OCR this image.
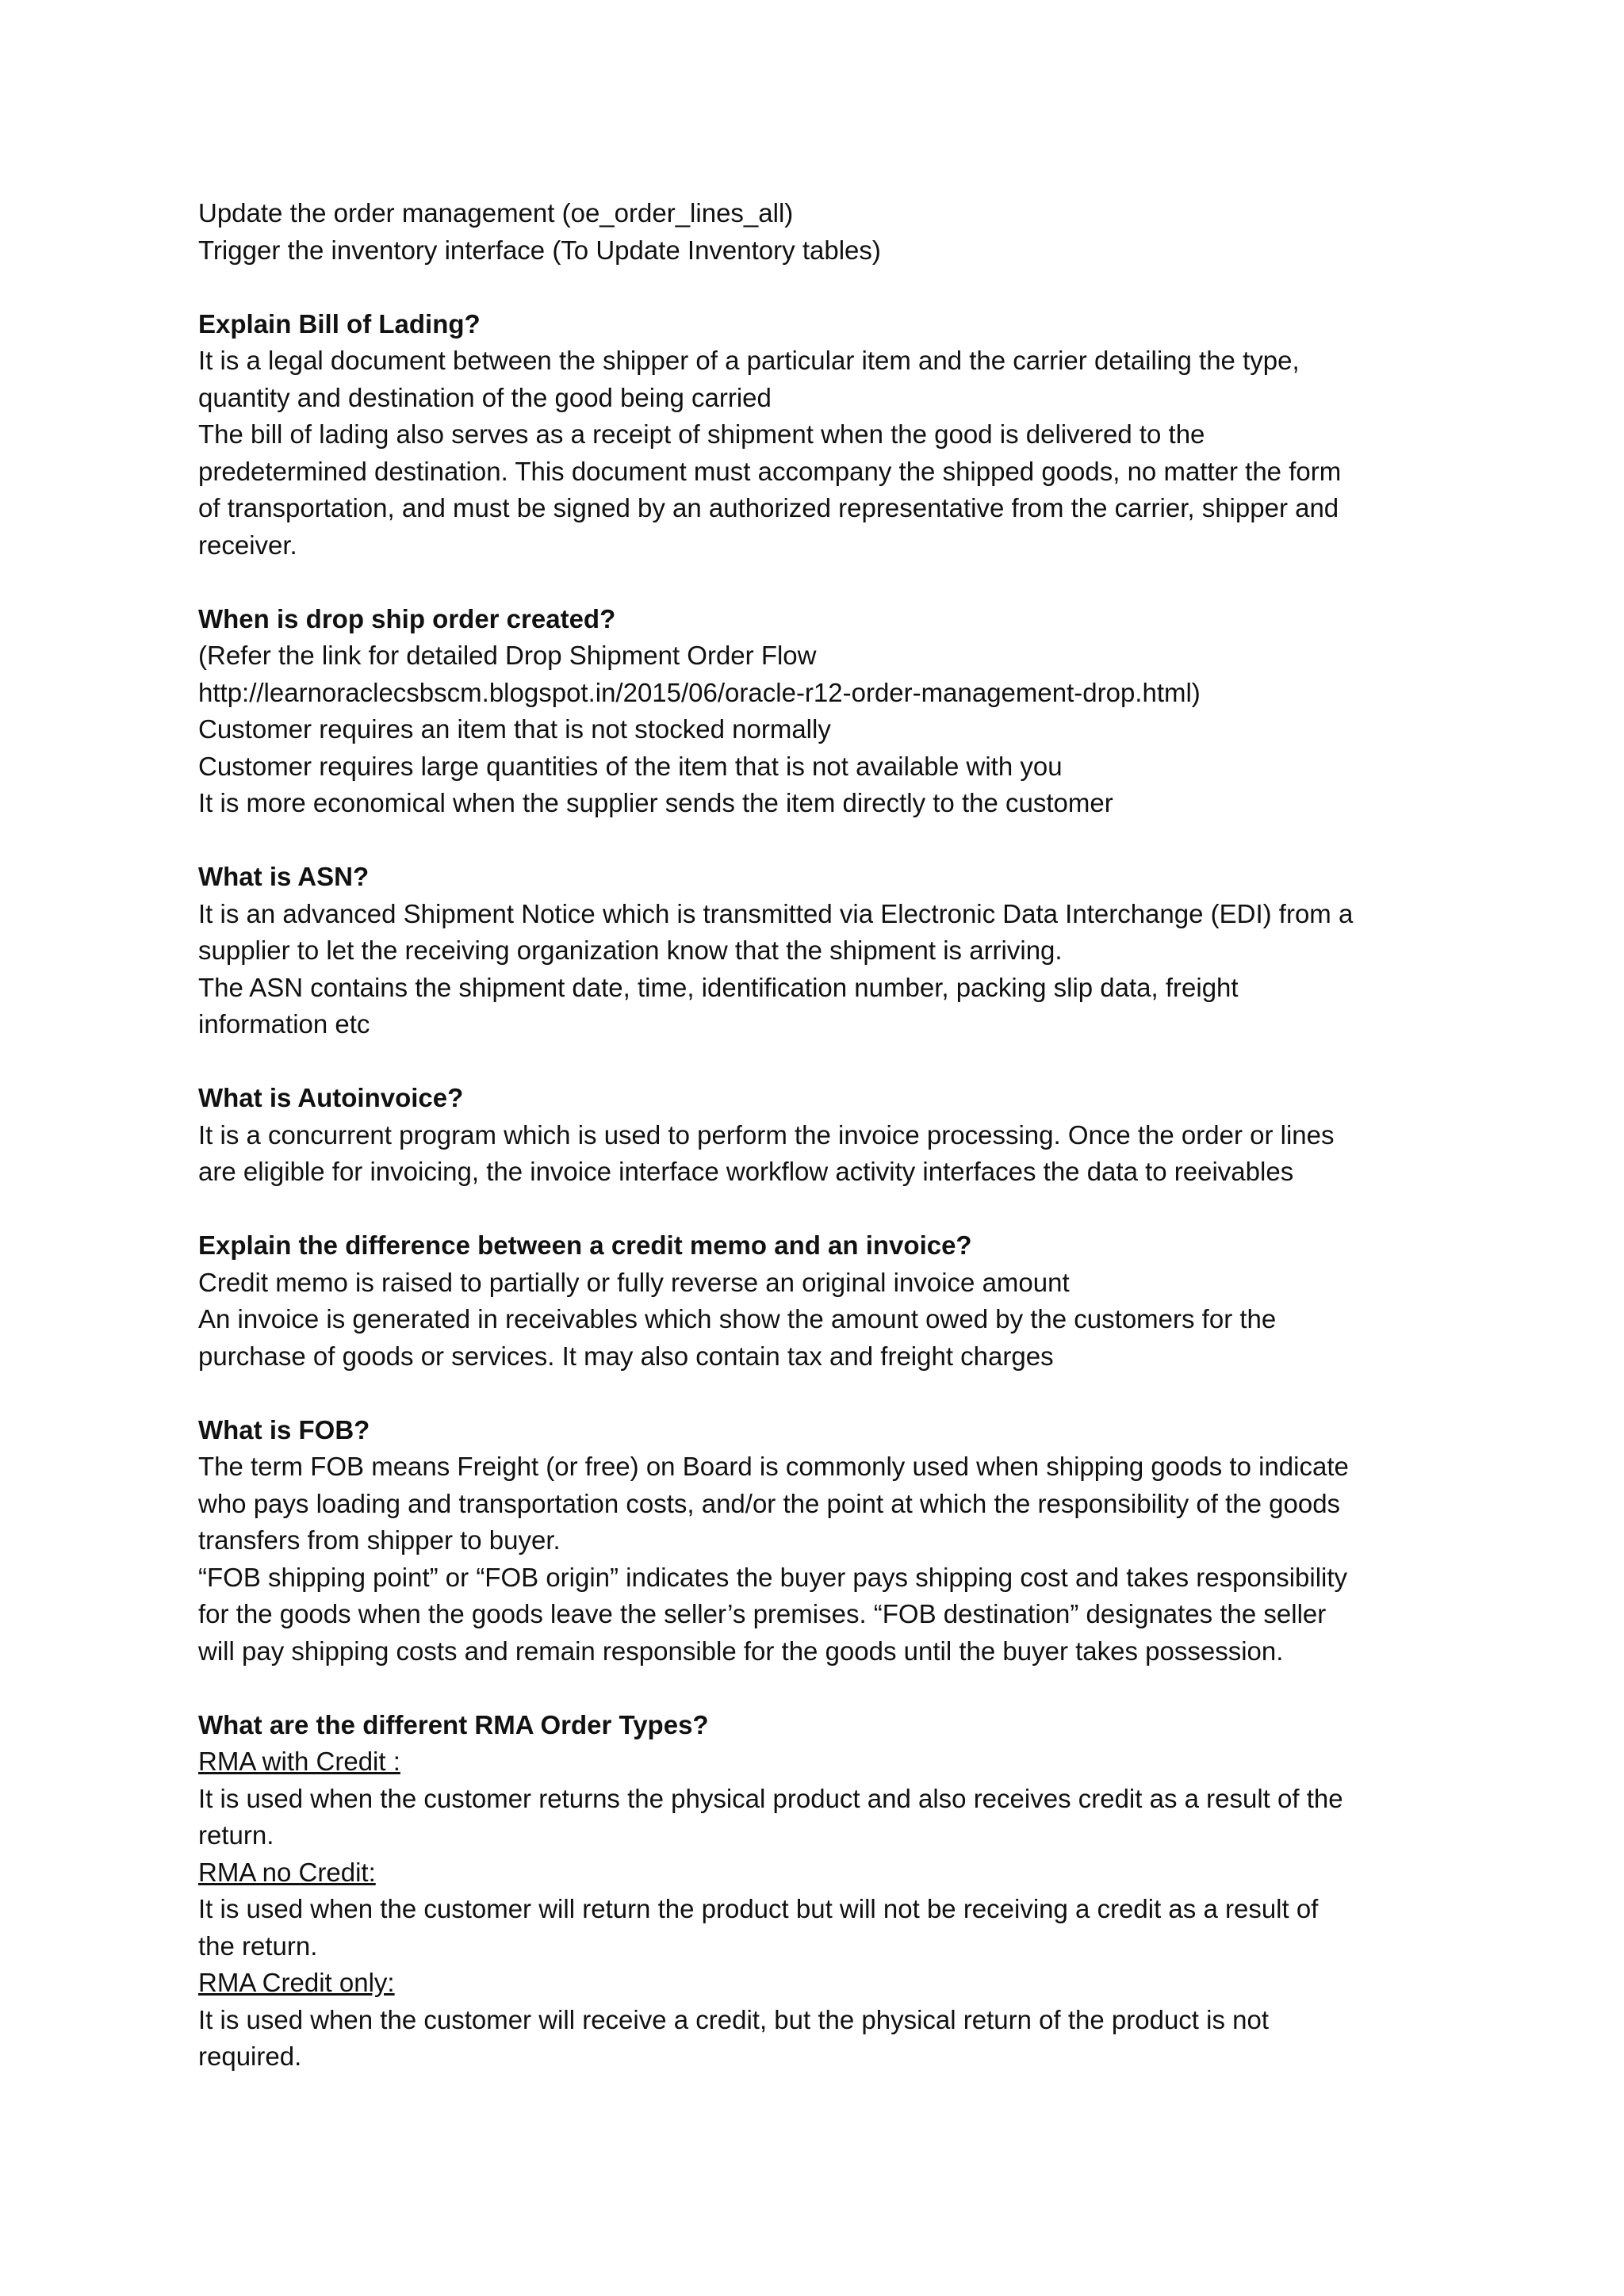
Update the order management (oe_order_lines_all)
Trigger the inventory interface (To Update Inventory tables)
Explain Bill of Lading?
It is a legal document between the shipper of a particular item and the carrier detailing the type,
quantity and destination of the good being carried
The bill of lading also serves as a receipt of shipment when the good is delivered to the
predetermined destination. This document must accompany the shipped goods, no matter the form
of transportation, and must be signed by an authorized representative from the carrier, shipper and
receiver.
When is drop ship order created?
(Refer the link for detailed Drop Shipment Order Flow
http://learnoraclecsbscm.blogspot.in/2015/06/oracle-r12-order-management-drop.html)
Customer requires an item that is not stocked normally
Customer requires large quantities of the item that is not available with you
It is more economical when the supplier sends the item directly to the customer
What is ASN?
It is an advanced Shipment Notice which is transmitted via Electronic Data Interchange (EDI) from a
supplier to let the receiving organization know that the shipment is arriving.
The ASN contains the shipment date, time, identification number, packing slip data, freight
information etc
What is Autoinvoice?
It is a concurrent program which is used to perform the invoice processing. Once the order or lines
are eligible for invoicing, the invoice interface workflow activity interfaces the data to reeivables
Explain the difference between a credit memo and an invoice?
Credit memo is raised to partially or fully reverse an original invoice amount
An invoice is generated in receivables which show the amount owed by the customers for the
purchase of goods or services. It may also contain tax and freight charges
What is FOB?
The term FOB means Freight (or free) on Board is commonly used when shipping goods to indicate
who pays loading and transportation costs, and/or the point at which the responsibility of the goods
transfers from shipper to buyer.
“FOB shipping point” or “FOB origin” indicates the buyer pays shipping cost and takes responsibility
for the goods when the goods leave the seller’s premises. “FOB destination” designates the seller
will pay shipping costs and remain responsible for the goods until the buyer takes possession.
What are the different RMA Order Types?
RMA with Credit :
It is used when the customer returns the physical product and also receives credit as a result of the
return.
RMA no Credit:
It is used when the customer will return the product but will not be receiving a credit as a result of
the return.
RMA Credit only:
It is used when the customer will receive a credit, but the physical return of the product is not
required.
